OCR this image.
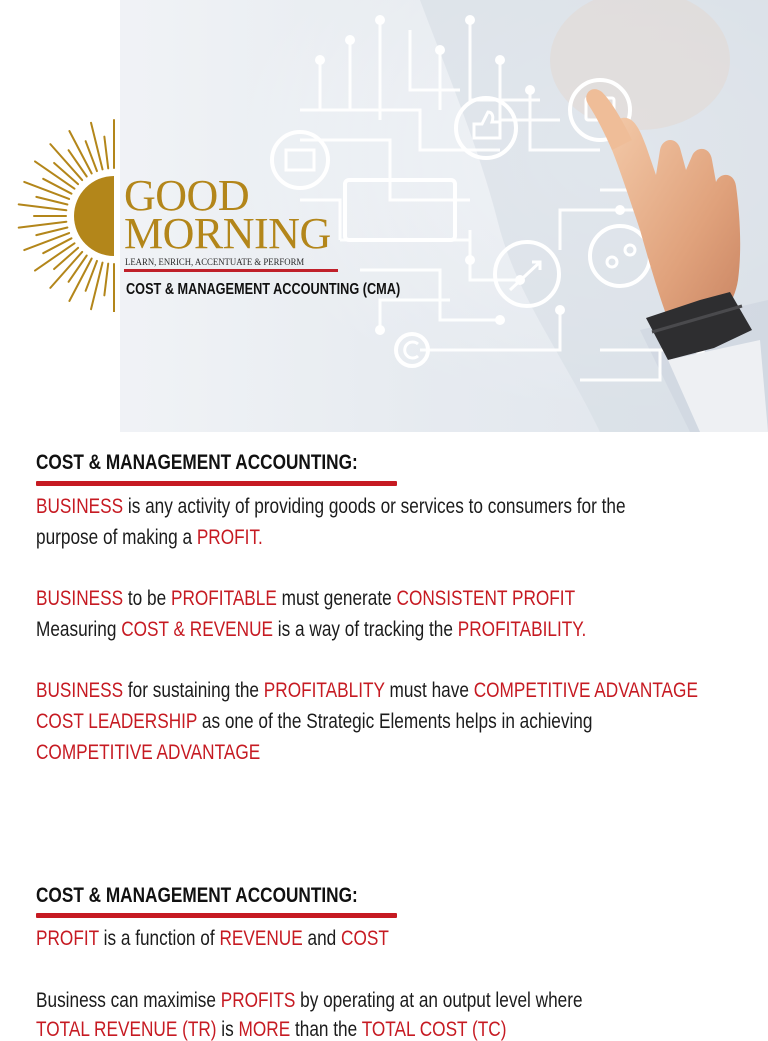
GOOD
MORNING
LEARN, ENRICH, ACCENTUATE & PERFORM
COST & MANAGEMENT ACCOUNTING (CMA)
COST & MANAGEMENT ACCOUNTING:
BUSINESS is any activity of providing goods or services to consumers for the
purpose of making a PROFIT.
BUSINESS to be PROFITABLE must generate CONSISTENT PROFIT
Measuring COST & REVENUE is a way of tracking the PROFITABILITY.
BUSINESS for sustaining the PROFITABLITY must have COMPETITIVE ADVANTAGE
COST LEADERSHIP as one of the Strategic Elements helps in achieving
COMPETITIVE ADVANTAGE
COST & MANAGEMENT ACCOUNTING:
PROFIT is a function of REVENUE and COST
Business can maximise PROFITS by operating at an output level where
TOTAL REVENUE (TR) is MORE than the TOTAL COST (TC)
